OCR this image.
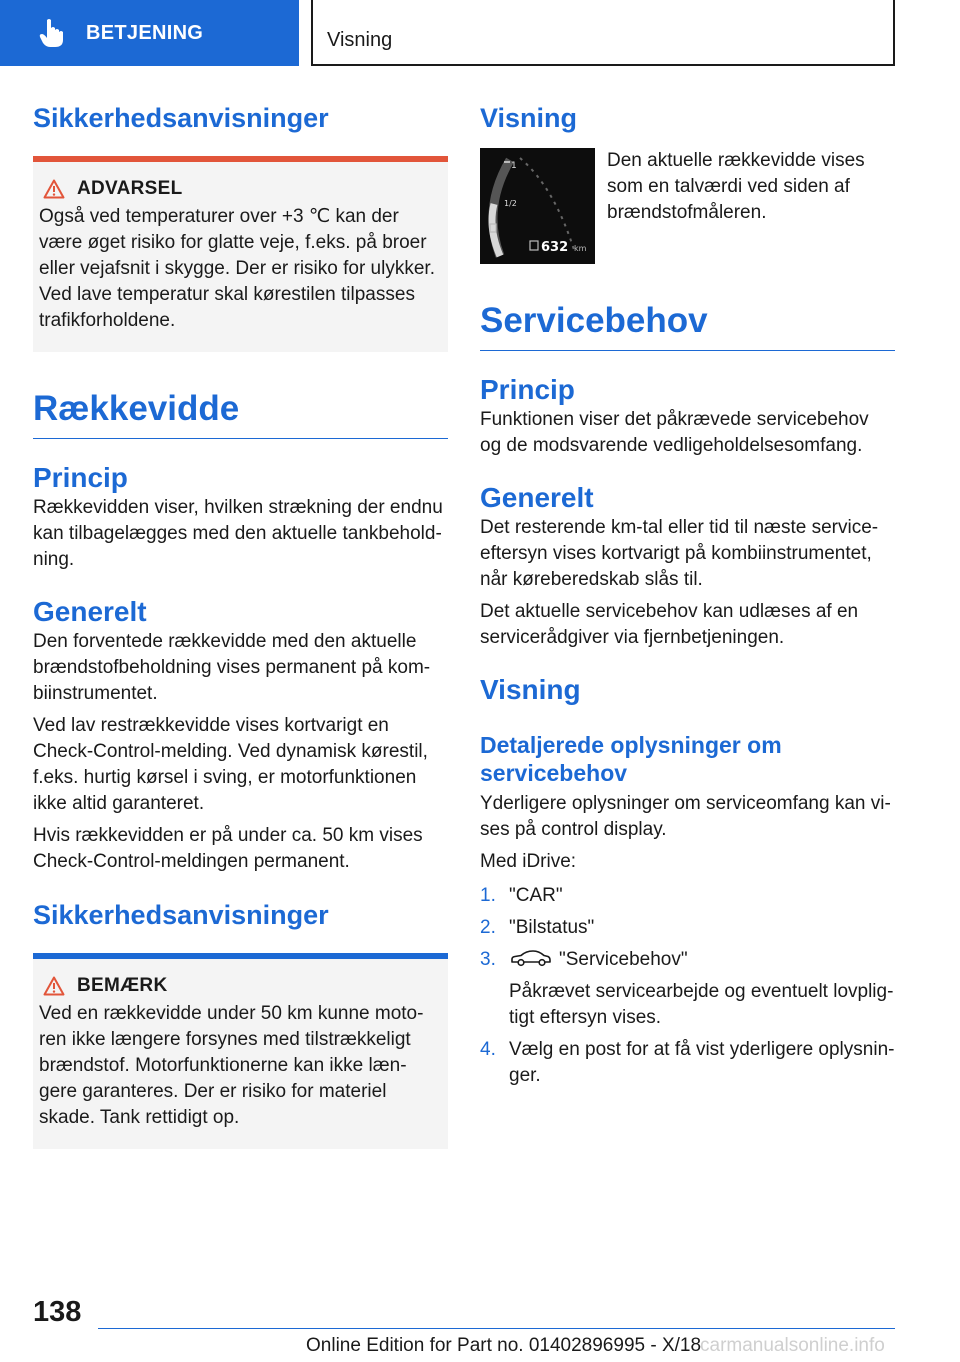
BETJENING	Visning
Sikkerhedsanvisninger
ADVARSEL

Også ved temperaturer over +3 ℃ kan der være øget risiko for glatte veje, f.eks. på broer eller vejafsnit i skygge. Der er risiko for ulykker. Ved lave temperatur skal kørestilen tilpasses trafikforholdene.

Rækkevidde
Princip

Rækkevidden viser, hvilken strækning der endnu kan tilbagelægges med den aktuelle tankbeholdning.

Generelt

Den forventede rækkevidde med den aktuelle brændstofbeholdning vises permanent på kombiinstrumentet.

Ved lav restrækkevidde vises kortvarigt en Check-Control-melding. Ved dynamisk kørestil, f.eks. hurtig kørsel i sving, er motorfunktionen ikke altid garanteret.

Hvis rækkevidden er på under ca. 50 km vises Check-Control-meldingen permanent.

Sikkerhedsanvisninger
BEMÆRK

Ved en rækkevidde under 50 km kunne motoren ikke længere forsynes med tilstrækkeligt brændstof. Motorfunktionerne kan ikke længere garanteres. Der er risiko for materiel skade. Tank rettidigt op.

Visning
1
1/2
632 km

Den aktuelle rækkevidde vises som en talværdi ved siden af brændstofmåleren.

Servicebehov
Princip

Funktionen viser det påkrævede servicebehov og de modsvarende vedligeholdelsesomfang.

Generelt

Det resterende km-tal eller tid til næste serviceeftersyn vises kortvarigt på kombiinstrumentet, når køreberedskab slås til.

Det aktuelle servicebehov kan udlæses af en servicerådgiver via fjernbetjeningen.

Visning
Detaljerede oplysninger om servicebehov

Yderligere oplysninger om serviceomfang kan vises på control display.

Med iDrive:

1. "CAR"
2. "Bilstatus"
3.	"Servicebehov"

Påkrævet servicearbejde og eventuelt lovpligtigt eftersyn vises.

4. Vælg en post for at få vist yderligere oplysninger.
138
Online Edition for Part no. 01402896995 - X/18
carmanualsonline.info
